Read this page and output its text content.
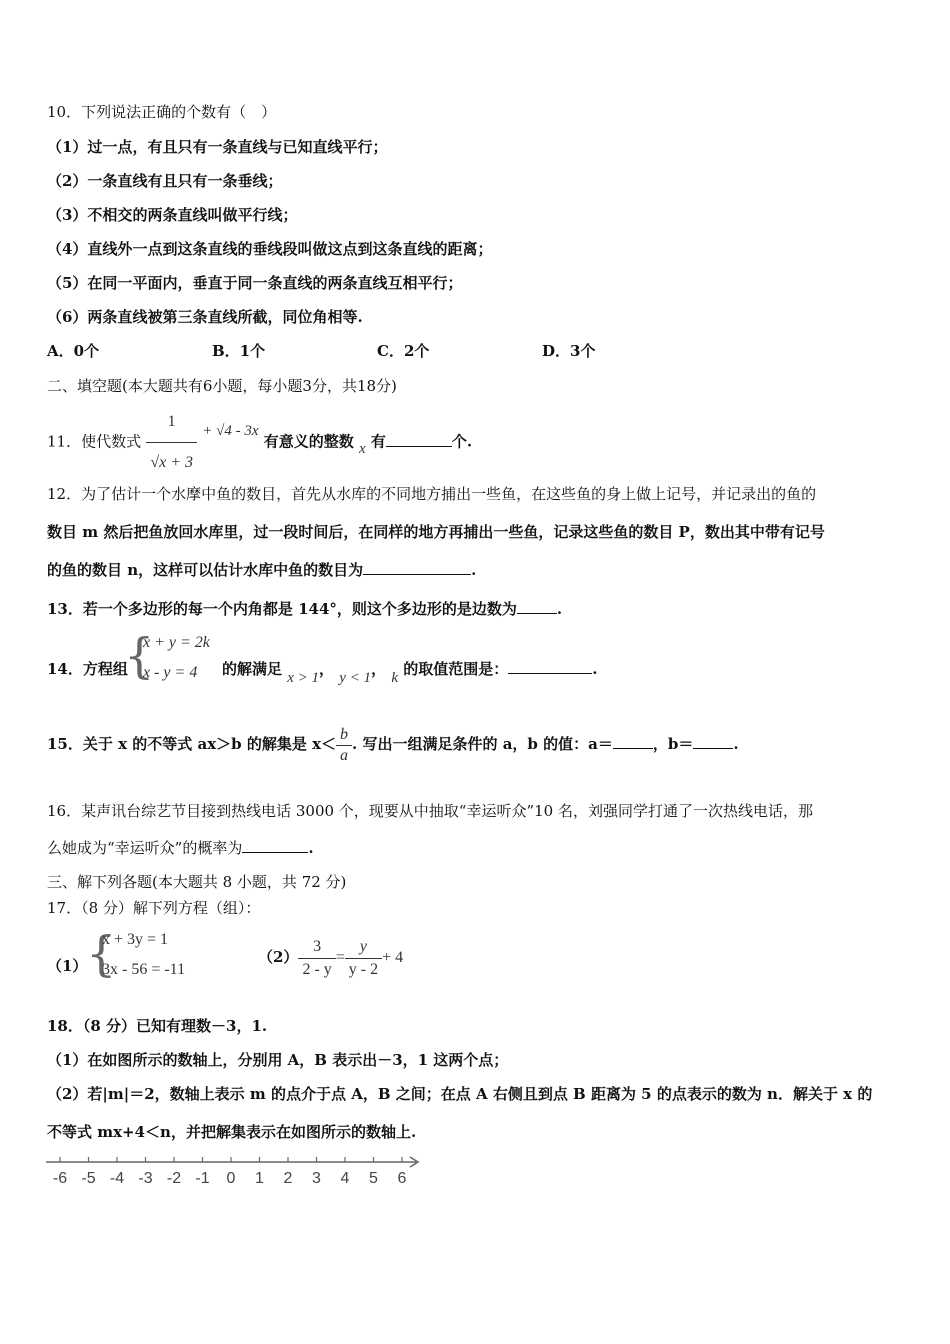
10．下列说法正确的个数有（　）
（1）过一点，有且只有一条直线与已知直线平行；
（2）一条直线有且只有一条垂线；
（3）不相交的两条直线叫做平行线；
（4）直线外一点到这条直线的垂线段叫做这点到这条直线的距离；
（5）在同一平面内，垂直于同一条直线的两条直线互相平行；
（6）两条直线被第三条直线所截，同位角相等.
A．0个	B．1个	C．2个	D．3个
二、填空题(本大题共有6小题，每小题3分，共18分)
11．使代数式 $\frac{1}{√x + 3} + √4 - 3x$ 有意义的整数 x 有	个.
12．为了估计一个水摩中鱼的数目，首先从水库的不同地方捕出一些鱼，在这些鱼的身上做上记号，并记录出的鱼的
数目 m 然后把鱼放回水库里，过一段时间后，在同样的地方再捕出一些鱼，记录这些鱼的数目 P，数出其中带有记号
的鱼的数目 n，这样可以估计水库中鱼的数目为	.
13．若一个多边形的每一个内角都是 144°，则这个多边形的是边数为	.
14．方程组
{
x + y = 2k
x - y = 4 的解满足 x > 1， y < 1， k 的取值范围是：	.
15．关于 x 的不等式 ax＞b 的解集是 $x< \frac{b}{a}$ . 写出一组满足条件的 a，b 的值：a＝	，b＝	.
16．某声讯台综艺节目接到热线电话 3000 个，现要从中抽取“幸运听众”10 名，刘强同学打通了一次热线电话，那
么她成为“幸运听众”的概率为	.
三、解下列各题(本大题共 8 小题，共 72 分)
17．（8 分）解下列方程（组）：
（1）
{
x + 3y = 1
3x - 56 = -11
$(2) \frac{3}{2 - y} = \frac{y}{y - 2} + 4$
18．（8 分）已知有理数－3，1.
（1）在如图所示的数轴上，分别用 A，B 表示出－3，1 这两个点；
（2）若|m|＝2，数轴上表示 m 的点介于点 A，B 之间；在点 A 右侧且到点 B 距离为 5 的点表示的数为 n．解关于 x 的
不等式 mx+4＜n，并把解集表示在如图所示的数轴上.
-6 -5 -4 -3 -2 -1 0 1 2 3 4 5 6
